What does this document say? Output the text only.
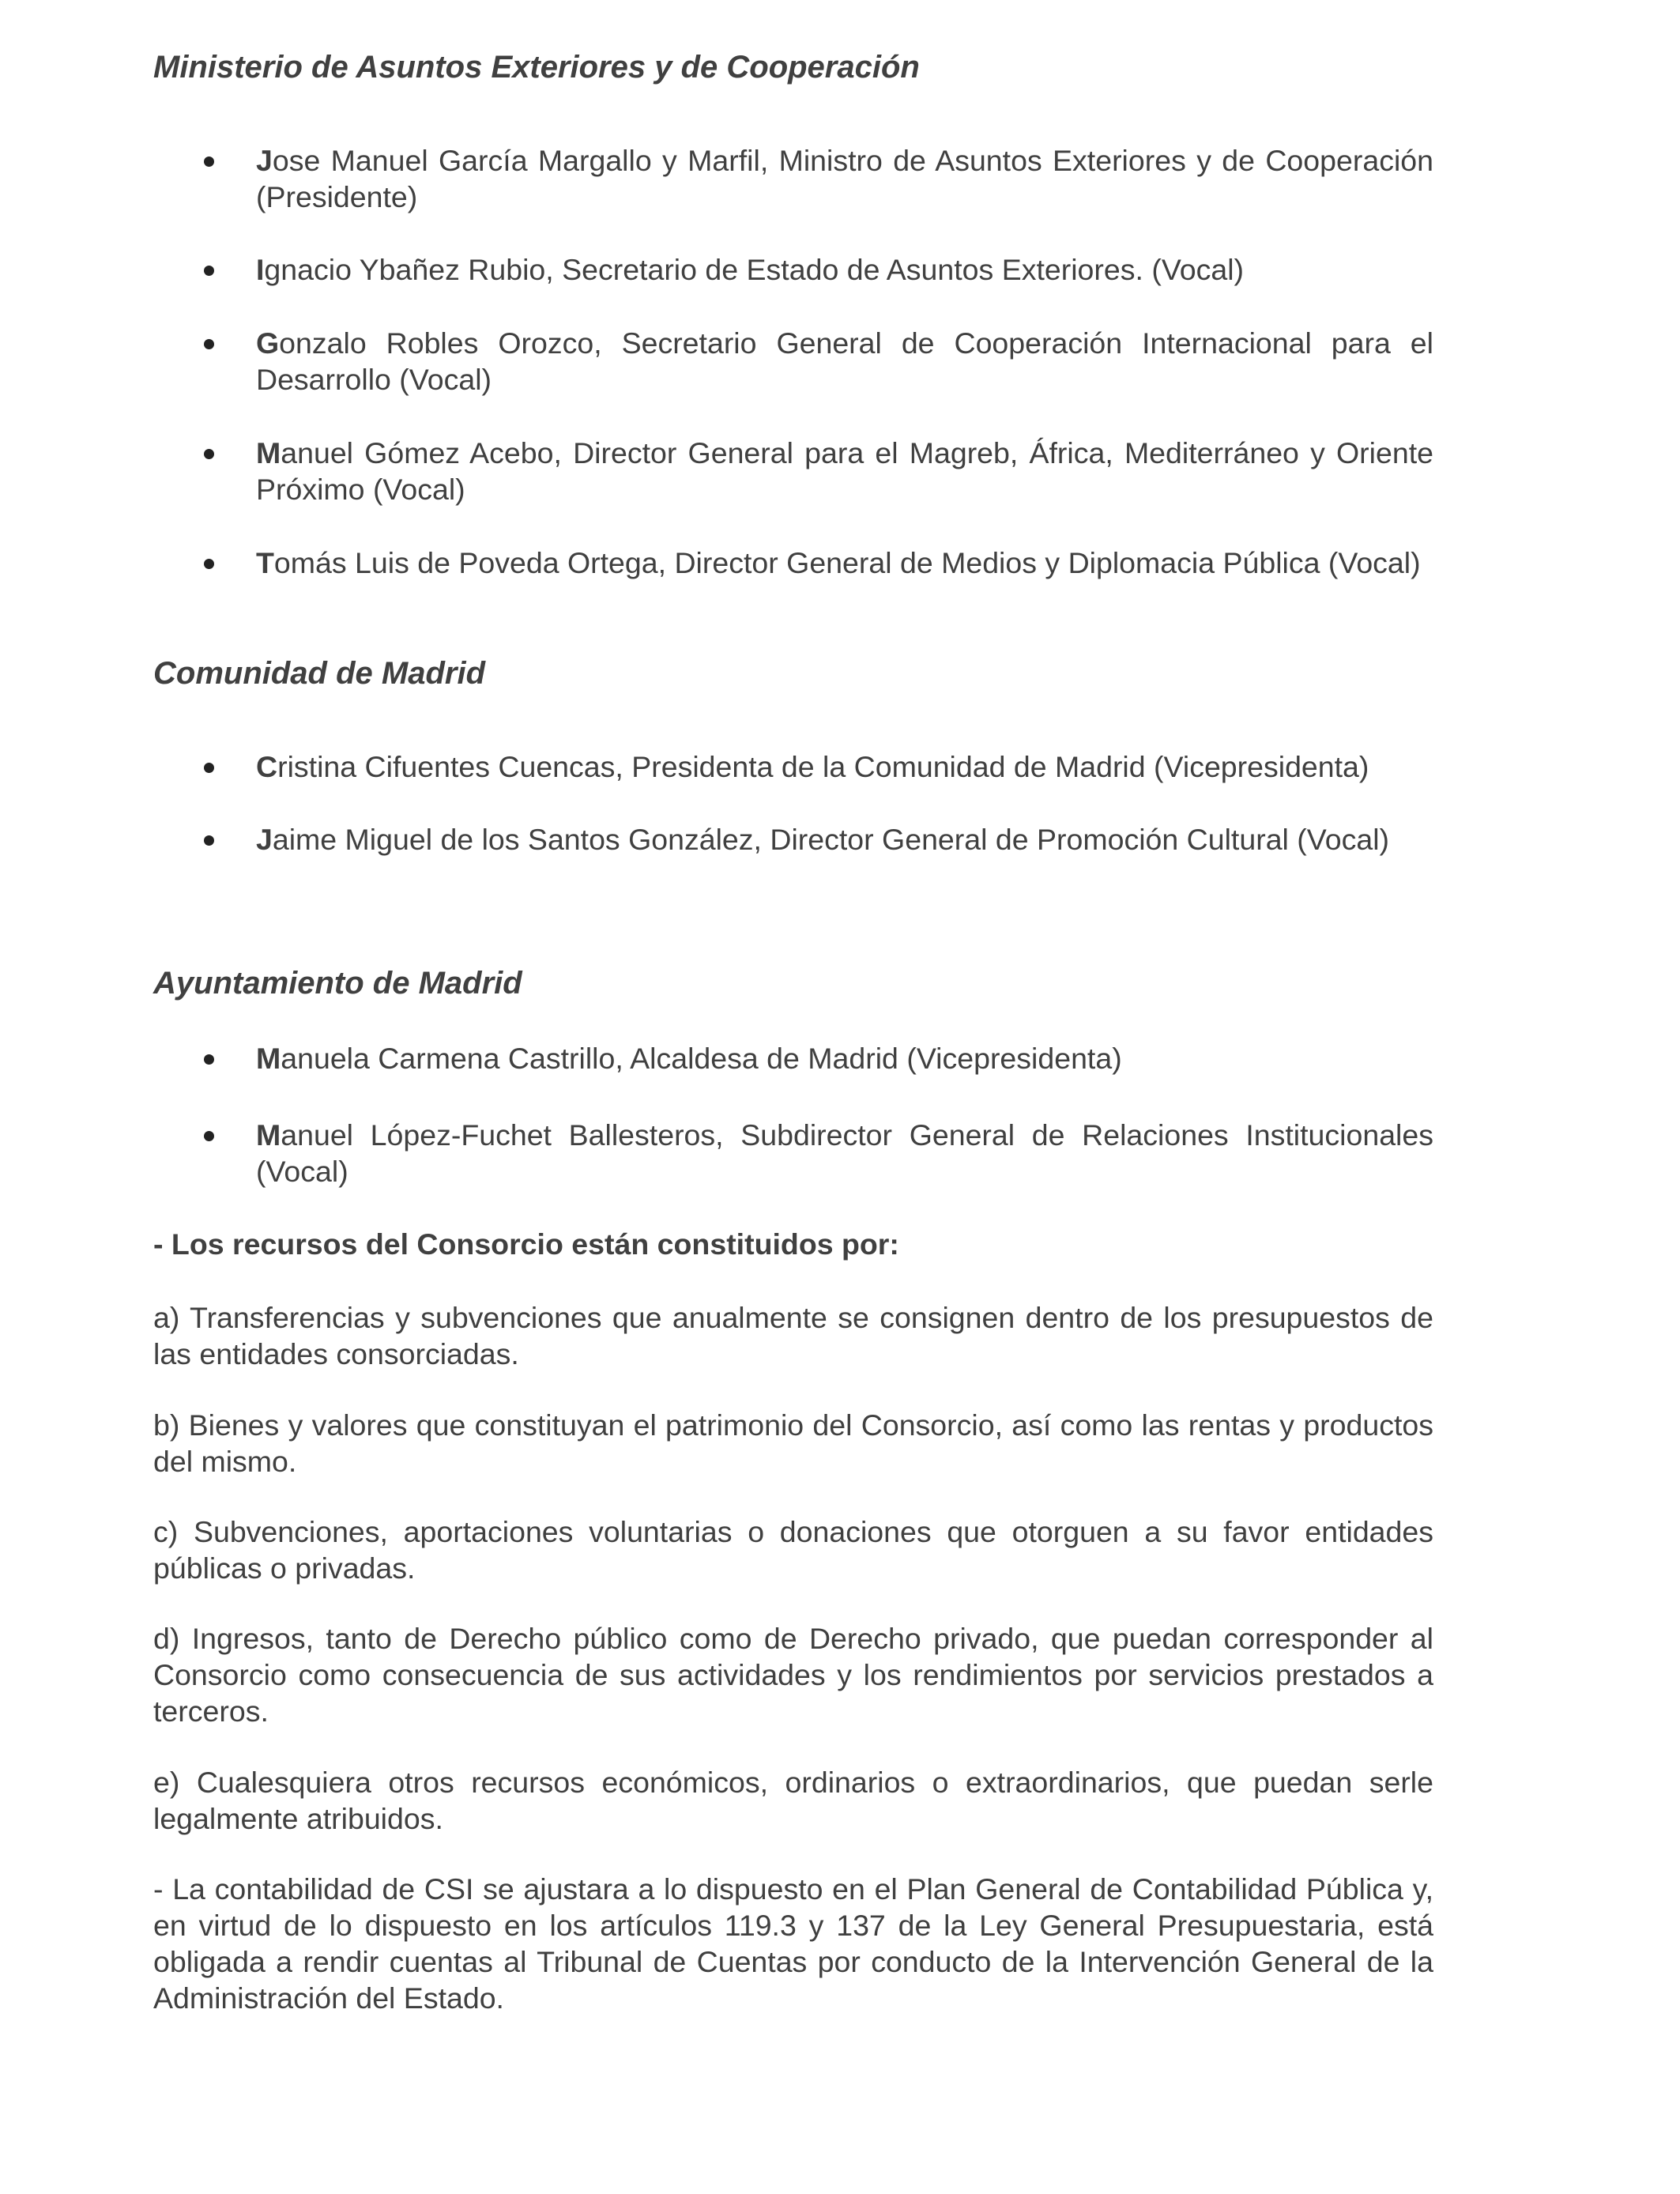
Ministerio de Asuntos Exteriores y de Cooperación
Jose Manuel García Margallo y Marfil, Ministro de Asuntos Exteriores y de Cooperación (Presidente)
Ignacio Ybañez Rubio, Secretario de Estado de Asuntos Exteriores. (Vocal)
Gonzalo Robles Orozco, Secretario General de Cooperación Internacional para el Desarrollo (Vocal)
Manuel Gómez Acebo, Director General para el Magreb, África, Mediterráneo y Oriente Próximo (Vocal)
Tomás Luis de Poveda Ortega, Director General de Medios y Diplomacia Pública (Vocal)
Comunidad de Madrid
Cristina Cifuentes Cuencas, Presidenta de la Comunidad de Madrid (Vicepresidenta)
Jaime Miguel de los Santos González, Director General de Promoción Cultural (Vocal)
Ayuntamiento de Madrid
Manuela Carmena Castrillo, Alcaldesa de Madrid (Vicepresidenta)
Manuel López-Fuchet Ballesteros, Subdirector General de Relaciones Institucionales (Vocal)

- Los recursos del Consorcio están constituidos por:

a) Transferencias y subvenciones que anualmente se consignen dentro de los presupuestos de las entidades consorciadas.

b) Bienes y valores que constituyan el patrimonio del Consorcio, así como las rentas y productos del mismo.

c) Subvenciones, aportaciones voluntarias o donaciones que otorguen a su favor entidades públicas o privadas.

d) Ingresos, tanto de Derecho público como de Derecho privado, que puedan corresponder al Consorcio como consecuencia de sus actividades y los rendimientos por servicios prestados a terceros.

e) Cualesquiera otros recursos económicos, ordinarios o extraordinarios, que puedan serle legalmente atribuidos.

- La contabilidad de CSI se ajustara a lo dispuesto en el Plan General de Contabilidad Pública y, en virtud de lo dispuesto en los artículos 119.3 y 137 de la Ley General Presupuestaria, está obligada a rendir cuentas al Tribunal de Cuentas por conducto de la Intervención General de la Administración del Estado.
